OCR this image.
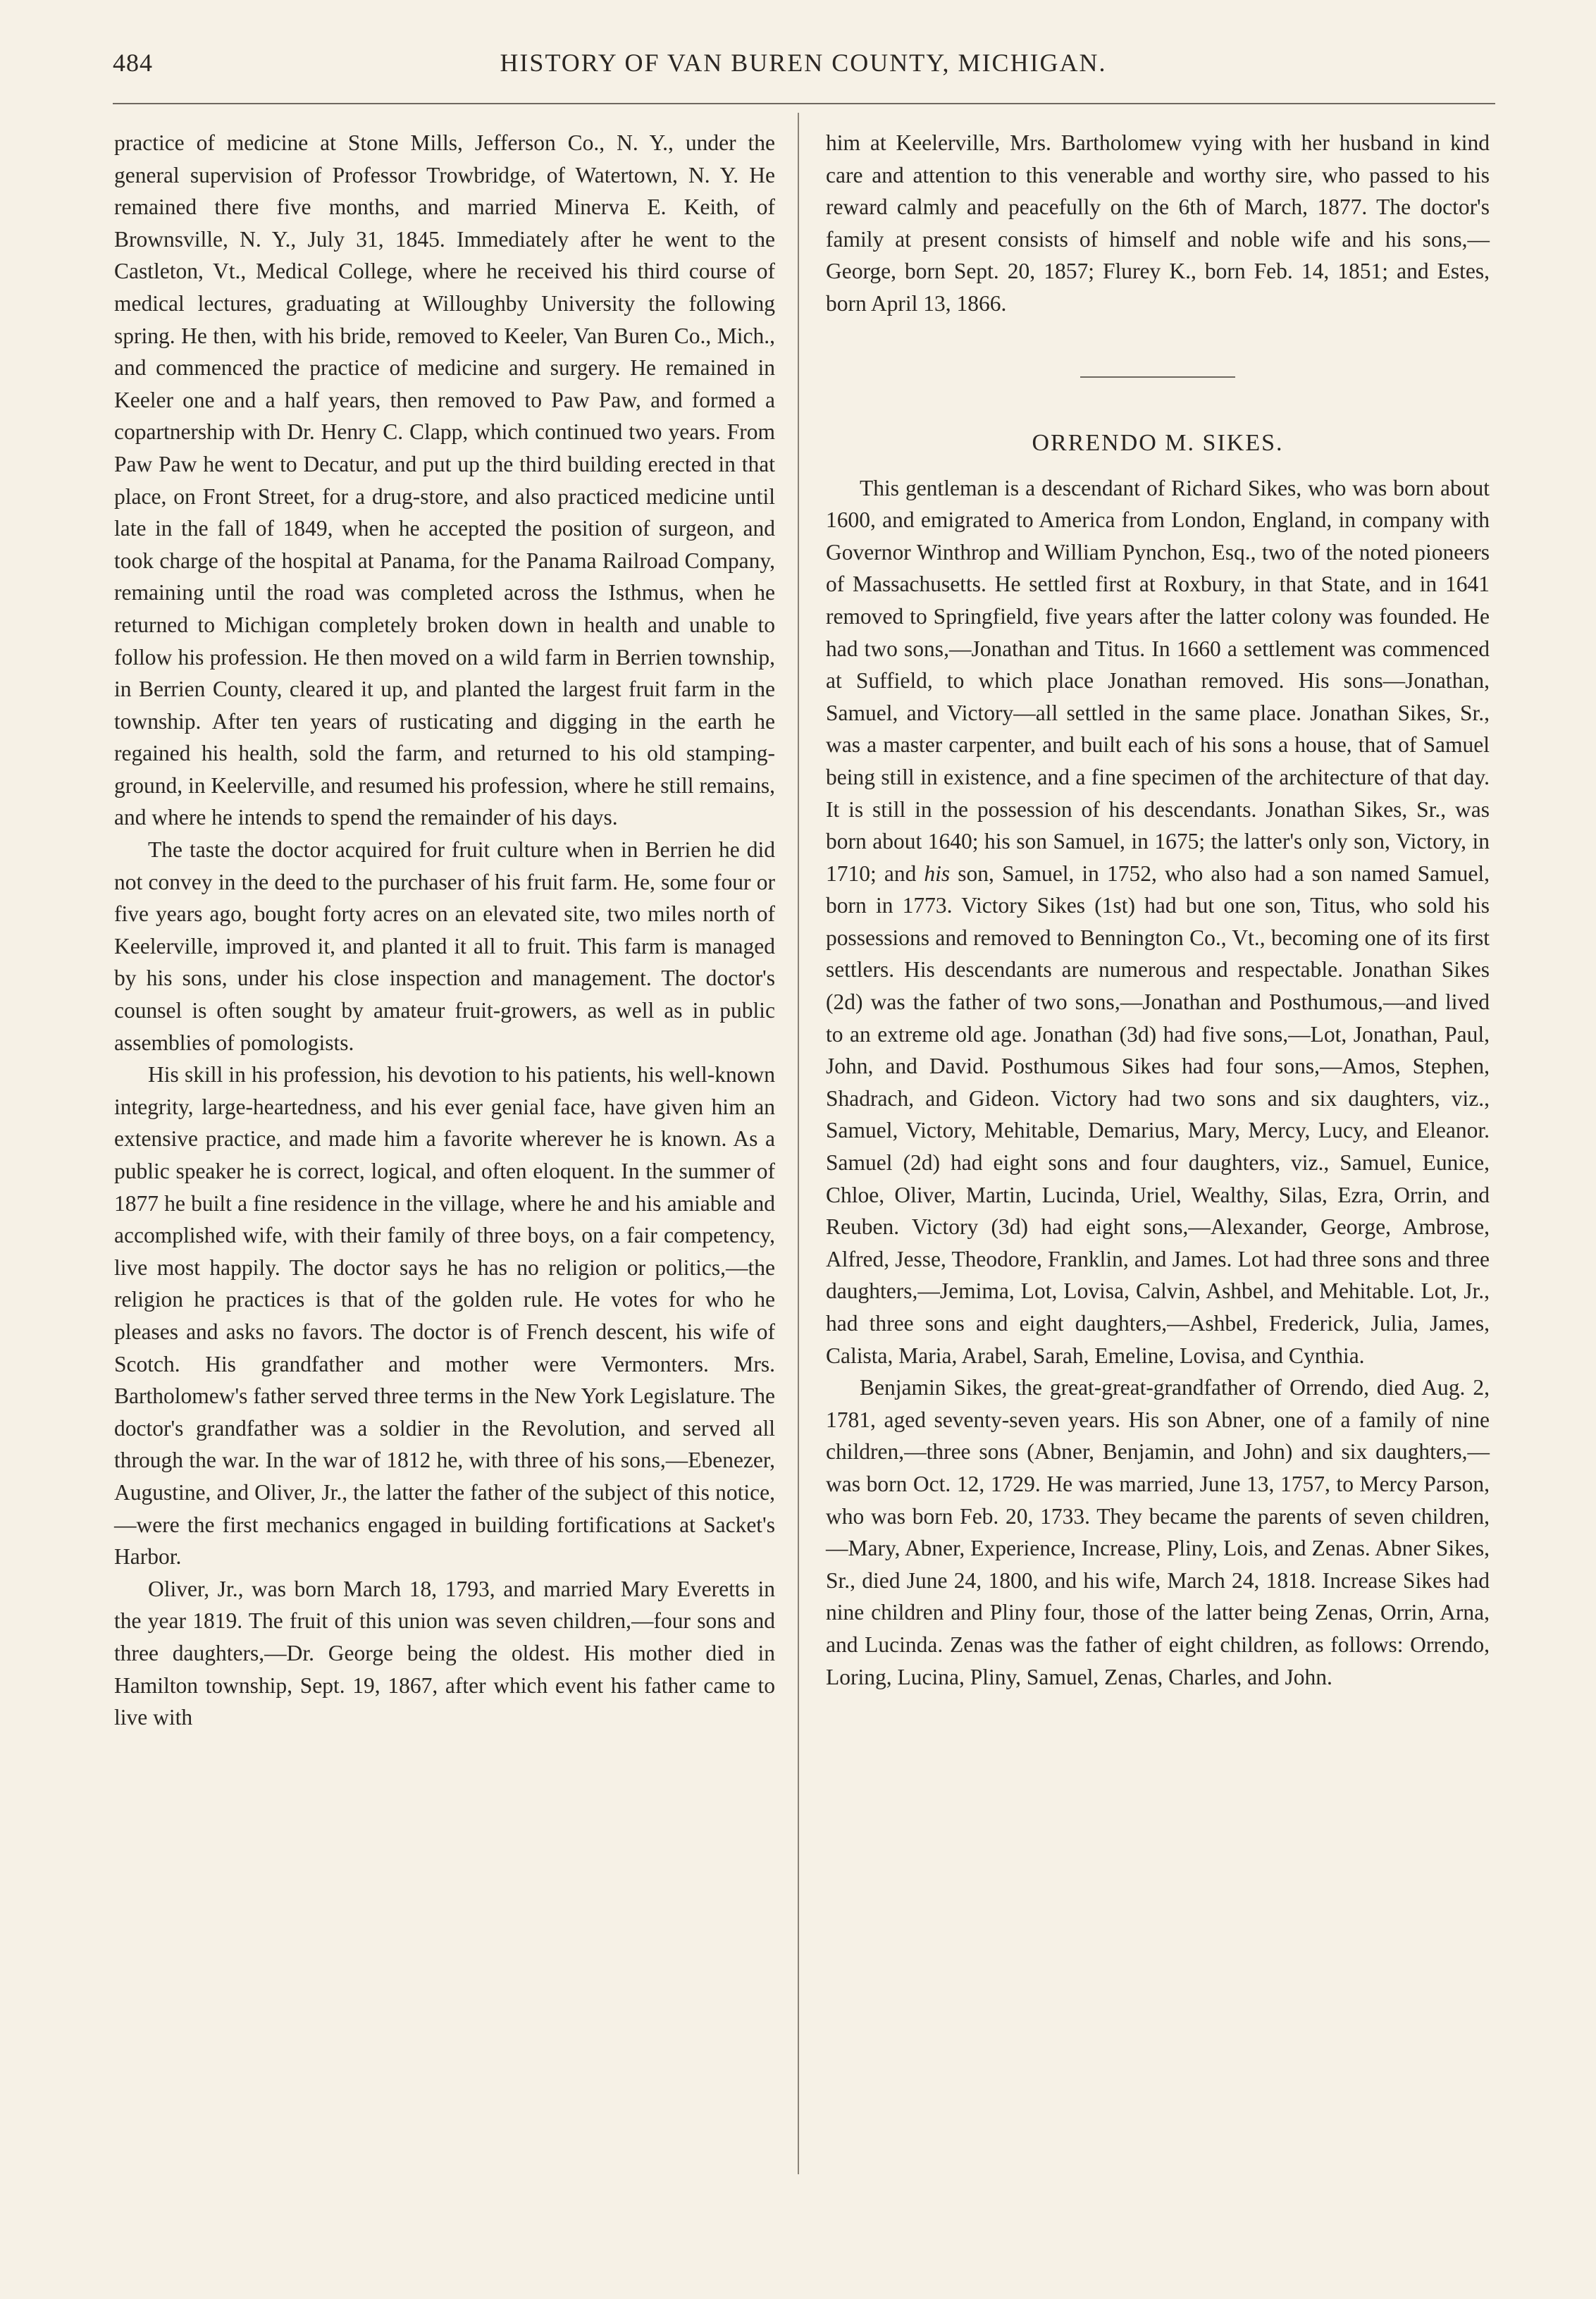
484	HISTORY OF VAN BUREN COUNTY, MICHIGAN.

practice of medicine at Stone Mills, Jefferson Co., N. Y., under the general supervision of Professor Trowbridge, of Watertown, N. Y. He remained there five months, and married Minerva E. Keith, of Brownsville, N. Y., July 31, 1845. Immediately after he went to the Castleton, Vt., Medical College, where he received his third course of medical lectures, graduating at Willoughby University the following spring. He then, with his bride, removed to Keeler, Van Buren Co., Mich., and commenced the practice of medicine and surgery. He remained in Keeler one and a half years, then removed to Paw Paw, and formed a copartnership with Dr. Henry C. Clapp, which continued two years. From Paw Paw he went to Decatur, and put up the third building erected in that place, on Front Street, for a drug-store, and also practiced medicine until late in the fall of 1849, when he accepted the position of surgeon, and took charge of the hospital at Panama, for the Panama Railroad Company, remaining until the road was completed across the Isthmus, when he returned to Michigan completely broken down in health and unable to follow his profession. He then moved on a wild farm in Berrien township, in Berrien County, cleared it up, and planted the largest fruit farm in the township. After ten years of rusticating and digging in the earth he regained his health, sold the farm, and returned to his old stamping-ground, in Keelerville, and resumed his profession, where he still remains, and where he intends to spend the remainder of his days.

The taste the doctor acquired for fruit culture when in Berrien he did not convey in the deed to the purchaser of his fruit farm. He, some four or five years ago, bought forty acres on an elevated site, two miles north of Keelerville, improved it, and planted it all to fruit. This farm is managed by his sons, under his close inspection and management. The doctor's counsel is often sought by amateur fruit-growers, as well as in public assemblies of pomologists.

His skill in his profession, his devotion to his patients, his well-known integrity, large-heartedness, and his ever genial face, have given him an extensive practice, and made him a favorite wherever he is known. As a public speaker he is correct, logical, and often eloquent. In the summer of 1877 he built a fine residence in the village, where he and his amiable and accomplished wife, with their family of three boys, on a fair competency, live most happily. The doctor says he has no religion or politics,—the religion he practices is that of the golden rule. He votes for who he pleases and asks no favors. The doctor is of French descent, his wife of Scotch. His grandfather and mother were Vermonters. Mrs. Bartholomew's father served three terms in the New York Legislature. The doctor's grandfather was a soldier in the Revolution, and served all through the war. In the war of 1812 he, with three of his sons,—Ebenezer, Augustine, and Oliver, Jr., the latter the father of the subject of this notice,—were the first mechanics engaged in building fortifications at Sacket's Harbor.

Oliver, Jr., was born March 18, 1793, and married Mary Everetts in the year 1819. The fruit of this union was seven children,—four sons and three daughters,—Dr. George being the oldest. His mother died in Hamilton township, Sept. 19, 1867, after which event his father came to live with

him at Keelerville, Mrs. Bartholomew vying with her husband in kind care and attention to this venerable and worthy sire, who passed to his reward calmly and peacefully on the 6th of March, 1877. The doctor's family at present consists of himself and noble wife and his sons,—George, born Sept. 20, 1857; Flurey K., born Feb. 14, 1851; and Estes, born April 13, 1866.

ORRENDO M. SIKES.

This gentleman is a descendant of Richard Sikes, who was born about 1600, and emigrated to America from London, England, in company with Governor Winthrop and William Pynchon, Esq., two of the noted pioneers of Massachusetts. He settled first at Roxbury, in that State, and in 1641 removed to Springfield, five years after the latter colony was founded. He had two sons,—Jonathan and Titus. In 1660 a settlement was commenced at Suffield, to which place Jonathan removed. His sons—Jonathan, Samuel, and Victory—all settled in the same place. Jonathan Sikes, Sr., was a master carpenter, and built each of his sons a house, that of Samuel being still in existence, and a fine specimen of the architecture of that day. It is still in the possession of his descendants. Jonathan Sikes, Sr., was born about 1640; his son Samuel, in 1675; the latter's only son, Victory, in 1710; and his son, Samuel, in 1752, who also had a son named Samuel, born in 1773. Victory Sikes (1st) had but one son, Titus, who sold his possessions and removed to Bennington Co., Vt., becoming one of its first settlers. His descendants are numerous and respectable. Jonathan Sikes (2d) was the father of two sons,—Jonathan and Posthumous,—and lived to an extreme old age. Jonathan (3d) had five sons,—Lot, Jonathan, Paul, John, and David. Posthumous Sikes had four sons,—Amos, Stephen, Shadrach, and Gideon. Victory had two sons and six daughters, viz., Samuel, Victory, Mehitable, Demarius, Mary, Mercy, Lucy, and Eleanor. Samuel (2d) had eight sons and four daughters, viz., Samuel, Eunice, Chloe, Oliver, Martin, Lucinda, Uriel, Wealthy, Silas, Ezra, Orrin, and Reuben. Victory (3d) had eight sons,—Alexander, George, Ambrose, Alfred, Jesse, Theodore, Franklin, and James. Lot had three sons and three daughters,—Jemima, Lot, Lovisa, Calvin, Ashbel, and Mehitable. Lot, Jr., had three sons and eight daughters,—Ashbel, Frederick, Julia, James, Calista, Maria, Arabel, Sarah, Emeline, Lovisa, and Cynthia.

Benjamin Sikes, the great-great-grandfather of Orrendo, died Aug. 2, 1781, aged seventy-seven years. His son Abner, one of a family of nine children,—three sons (Abner, Benjamin, and John) and six daughters,—was born Oct. 12, 1729. He was married, June 13, 1757, to Mercy Parson, who was born Feb. 20, 1733. They became the parents of seven children,—Mary, Abner, Experience, Increase, Pliny, Lois, and Zenas. Abner Sikes, Sr., died June 24, 1800, and his wife, March 24, 1818. Increase Sikes had nine children and Pliny four, those of the latter being Zenas, Orrin, Arna, and Lucinda. Zenas was the father of eight children, as follows: Orrendo, Loring, Lucina, Pliny, Samuel, Zenas, Charles, and John.
